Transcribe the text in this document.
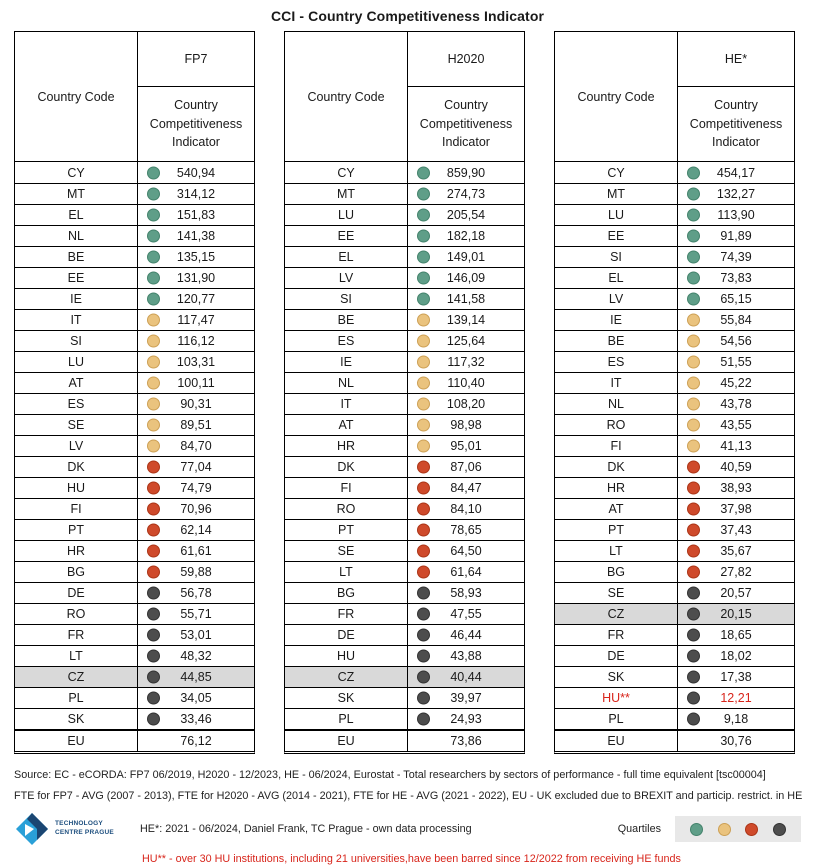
CCI - Country Competitiveness Indicator
Country Code
FP7
Country Competitiveness Indicator
CY	540,94
MT	314,12
EL	151,83
NL	141,38
BE	135,15
EE	131,90
IE	120,77
IT	117,47
SI	116,12
LU	103,31
AT	100,11
ES	90,31
SE	89,51
LV	84,70
DK	77,04
HU	74,79
FI	70,96
PT	62,14
HR	61,61
BG	59,88
DE	56,78
RO	55,71
FR	53,01
LT	48,32
CZ	44,85
PL	34,05
SK	33,46
EU	76,12
Country Code
H2020
Country Competitiveness Indicator
CY	859,90
MT	274,73
LU	205,54
EE	182,18
EL	149,01
LV	146,09
SI	141,58
BE	139,14
ES	125,64
IE	117,32
NL	110,40
IT	108,20
AT	98,98
HR	95,01
DK	87,06
FI	84,47
RO	84,10
PT	78,65
SE	64,50
LT	61,64
BG	58,93
FR	47,55
DE	46,44
HU	43,88
CZ	40,44
SK	39,97
PL	24,93
EU	73,86
Country Code
HE*
Country Competitiveness Indicator
CY	454,17
MT	132,27
LU	113,90
EE	91,89
SI	74,39
EL	73,83
LV	65,15
IE	55,84
BE	54,56
ES	51,55
IT	45,22
NL	43,78
RO	43,55
FI	41,13
DK	40,59
HR	38,93
AT	37,98
PT	37,43
LT	35,67
BG	27,82
SE	20,57
CZ	20,15
FR	18,65
DE	18,02
SK	17,38
HU**	12,21
PL	9,18
EU	30,76
Source: EC - eCORDA: FP7 06/2019, H2020 - 12/2023, HE - 06/2024, Eurostat - Total researchers by sectors of performance - full time equivalent [tsc00004]
FTE for FP7 - AVG (2007 - 2013), FTE for H2020 - AVG (2014 - 2021), FTE for HE - AVG (2021 - 2022), EU - UK excluded due to BREXIT and particip. restrict. in HE
TECHNOLOGY
CENTRE PRAGUE HE*: 2021 - 06/2024, Daniel Frank, TC Prague - own data processing	Quartiles
HU** - over 30 HU institutions, including 21 universities,have been barred since 12/2022 from receiving HE funds
